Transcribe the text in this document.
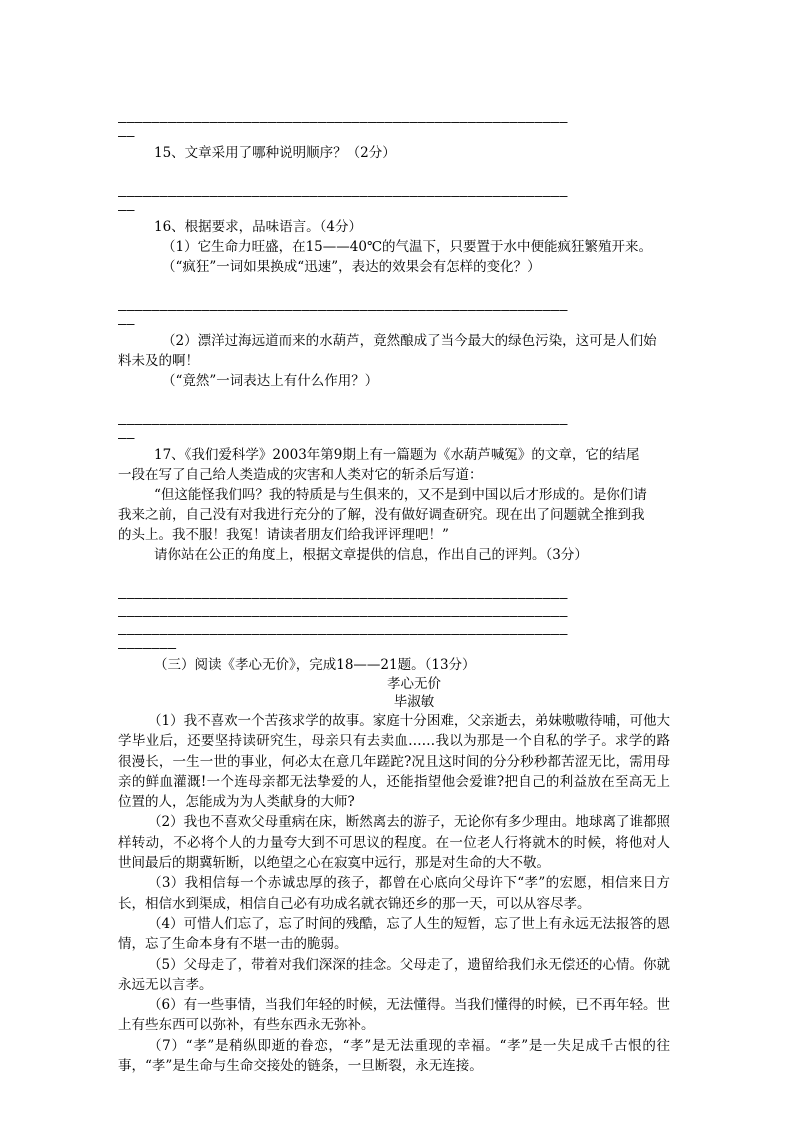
——————————————————————————————————————————————————————
——
15、文章采用了哪种说明顺序？（2分）
——————————————————————————————————————————————————————
——
16、根据要求，品味语言。（4分）
（1）它生命力旺盛，在15——40℃的气温下，只要置于水中便能疯狂繁殖开来。
（“疯狂”一词如果换成“迅速”，表达的效果会有怎样的变化？）
——————————————————————————————————————————————————————
——
（2）漂洋过海远道而来的水葫芦，竟然酿成了当今最大的绿色污染，这可是人们始
料未及的啊！
（“竟然”一词表达上有什么作用？）
——————————————————————————————————————————————————————
——
17、《我们爱科学》2003年第9期上有一篇题为《水葫芦喊冤》的文章，它的结尾
一段在写了自己给人类造成的灾害和人类对它的斩杀后写道：
“但这能怪我们吗？我的特质是与生俱来的，又不是到中国以后才形成的。是你们请
我来之前，自己没有对我进行充分的了解，没有做好调查研究。现在出了问题就全推到我
的头上。我不服！我冤！请读者朋友们给我评评理吧！”
请你站在公正的角度上，根据文章提供的信息，作出自己的评判。（3分）
——————————————————————————————————————————————————————
——————————————————————————————————————————————————————
——————————————————————————————————————————————————————
———————
（三）阅读《孝心无价》，完成18——21题。（13分）
孝心无价
毕淑敏

（1）我不喜欢一个苦孩求学的故事。家庭十分困难，父亲逝去，弟妹嗷嗷待哺，可他大学毕业后，还要坚持读研究生，母亲只有去卖血……我以为那是一个自私的学子。求学的路很漫长，一生一世的事业，何必太在意几年蹉跎?况且这时间的分分秒秒都苦涩无比，需用母亲的鲜血灌溉!一个连母亲都无法挚爱的人，还能指望他会爱谁?把自己的利益放在至高无上位置的人，怎能成为为人类献身的大师?

（2）我也不喜欢父母重病在床，断然离去的游子，无论你有多少理由。地球离了谁都照样转动，不必将个人的力量夸大到不可思议的程度。在一位老人行将就木的时候，将他对人世间最后的期冀斩断，以绝望之心在寂寞中远行，那是对生命的大不敬。

（3）我相信每一个赤诚忠厚的孩子，都曾在心底向父母许下“孝”的宏愿，相信来日方长，相信水到渠成，相信自己必有功成名就衣锦还乡的那一天，可以从容尽孝。

（4）可惜人们忘了，忘了时间的残酷，忘了人生的短暂，忘了世上有永远无法报答的恩情，忘了生命本身有不堪一击的脆弱。

（5）父母走了，带着对我们深深的挂念。父母走了，遗留给我们永无偿还的心情。你就永远无以言孝。

（6）有一些事情，当我们年轻的时候，无法懂得。当我们懂得的时候，已不再年轻。世上有些东西可以弥补，有些东西永无弥补。

（7）“孝”是稍纵即逝的眷恋，“孝”是无法重现的幸福。“孝”是一失足成千古恨的往事，“孝”是生命与生命交接处的链条，一旦断裂，永无连接。
